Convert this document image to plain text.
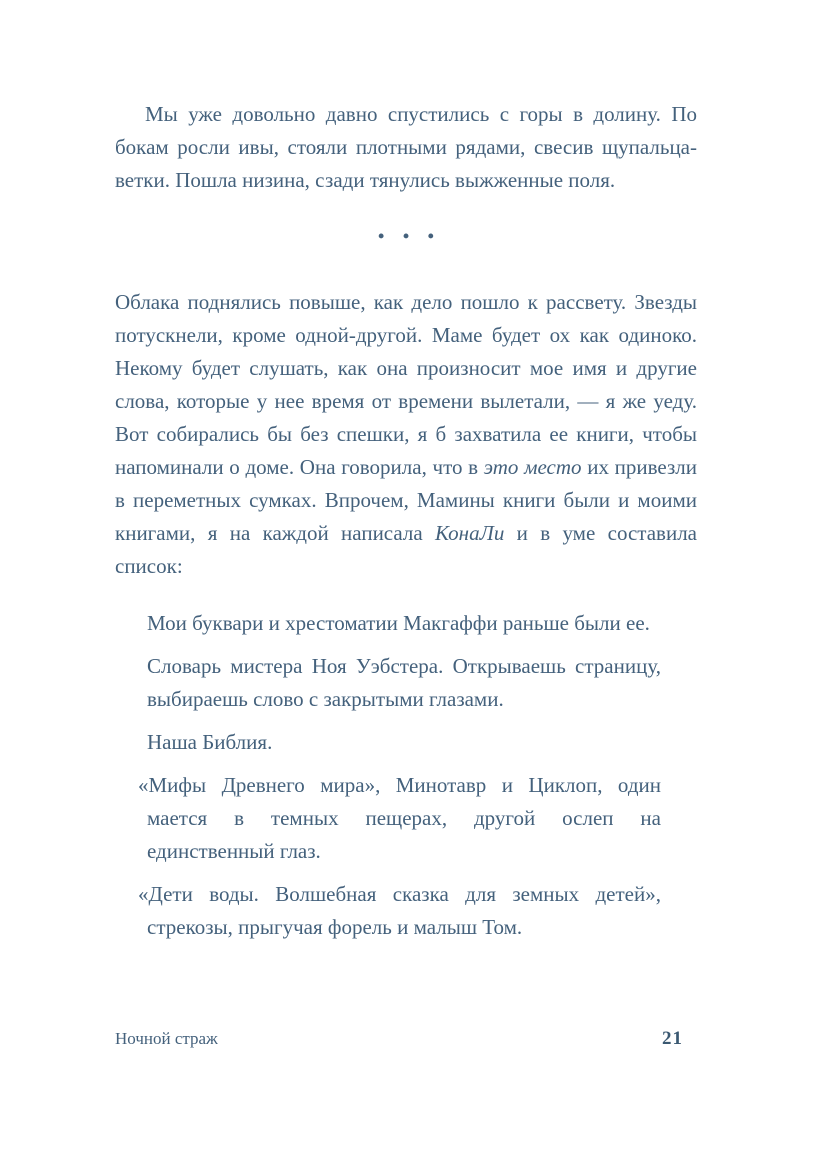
Мы уже довольно давно спустились с горы в долину. По бокам росли ивы, стояли плотными рядами, свесив щупальца-ветки. Пошла низина, сзади тянулись выжженные поля.

• • •

Облака поднялись повыше, как дело пошло к рассвету. Звезды потускнели, кроме одной-другой. Маме будет ох как одиноко. Некому будет слушать, как она произносит мое имя и другие слова, которые у нее время от времени вылетали, — я же уеду. Вот собирались бы без спешки, я б захватила ее книги, чтобы напоминали о доме. Она говорила, что в это место их привезли в переметных сумках. Впрочем, Мамины книги были и моими книгами, я на каждой написала КонаЛи и в уме составила список:

Мои буквари и хрестоматии Макгаффи раньше были ее.

Словарь мистера Ноя Уэбстера. Открываешь страницу, выбираешь слово с закрытыми глазами.

Наша Библия.

«Мифы Древнего мира», Минотавр и Циклоп, один мается в темных пещерах, другой ослеп на единственный глаз.

«Дети воды. Волшебная сказка для земных детей», стрекозы, прыгучая форель и малыш Том.

Ночной страж	21
